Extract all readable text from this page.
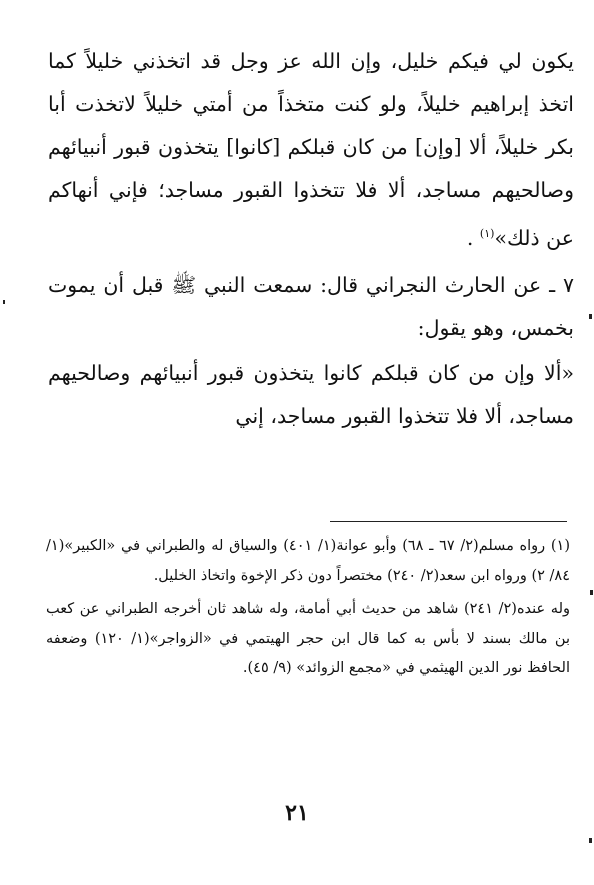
يكون لي فيكم خليل، وإن الله عز وجل قد اتخذني خليلاً كما اتخذ إبراهيم خليلاً، ولو كنت متخذاً من أمتي خليلاً لاتخذت أبا بكر خليلاً، ألا [وإن] من كان قبلكم [كانوا] يتخذون قبور أنبيائهم وصالحيهم مساجد، ألا فلا تتخذوا القبور مساجد؛ فإني أنهاكم عن ذلك»$^{(١)}$ .

٧ ـ عن الحارث النجراني قال: سمعت النبي ﷺ قبل أن يموت بخمس، وهو يقول:

«ألا وإن من كان قبلكم كانوا يتخذون قبور أنبيائهم وصالحيهم مساجد، ألا فلا تتخذوا القبور مساجد، إني

(١) رواه مسلم(٢/ ٦٧ ـ ٦٨) وأبو عوانة(١/ ٤٠١) والسياق له والطبراني في «الكبير»(١/ ٨٤/ ٢) ورواه ابن سعد(٢/ ٢٤٠) مختصراً دون ذكر الإخوة واتخاذ الخليل.

وله عنده(٢/ ٢٤١) شاهد من حديث أبي أمامة، وله شاهد ثان أخرجه الطبراني عن كعب بن مالك بسند لا بأس به كما قال ابن حجر الهيتمي في «الزواجر»(١/ ١٢٠) وضعفه الحافظ نور الدين الهيثمي في «مجمع الزوائد» (٩/ ٤٥).

٢١
